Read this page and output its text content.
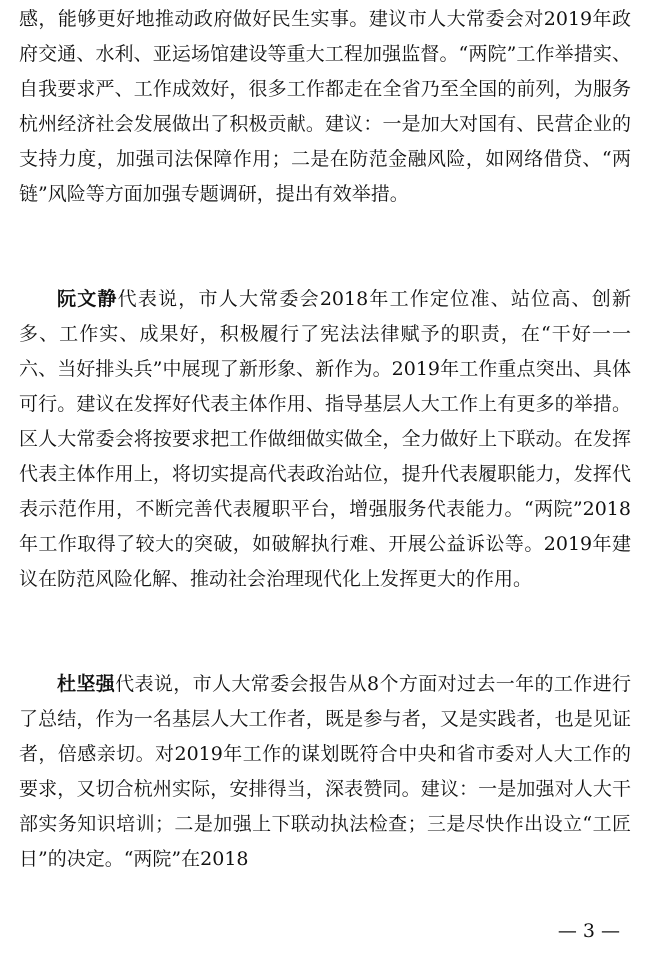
感，能够更好地推动政府做好民生实事。建议市人大常委会对2019年政府交通、水利、亚运场馆建设等重大工程加强监督。“两院”工作举措实、自我要求严、工作成效好，很多工作都走在全省乃至全国的前列，为服务杭州经济社会发展做出了积极贡献。建议：一是加大对国有、民营企业的支持力度，加强司法保障作用；二是在防范金融风险，如网络借贷、“两链”风险等方面加强专题调研，提出有效举措。

阮文静代表说，市人大常委会2018年工作定位准、站位高、创新多、工作实、成果好，积极履行了宪法法律赋予的职责，在“干好一一六、当好排头兵”中展现了新形象、新作为。2019年工作重点突出、具体可行。建议在发挥好代表主体作用、指导基层人大工作上有更多的举措。区人大常委会将按要求把工作做细做实做全，全力做好上下联动。在发挥代表主体作用上，将切实提高代表政治站位，提升代表履职能力，发挥代表示范作用，不断完善代表履职平台，增强服务代表能力。“两院”2018年工作取得了较大的突破，如破解执行难、开展公益诉讼等。2019年建议在防范风险化解、推动社会治理现代化上发挥更大的作用。

杜坚强代表说，市人大常委会报告从8个方面对过去一年的工作进行了总结，作为一名基层人大工作者，既是参与者，又是实践者，也是见证者，倍感亲切。对2019年工作的谋划既符合中央和省市委对人大工作的要求，又切合杭州实际，安排得当，深表赞同。建议：一是加强对人大干部实务知识培训；二是加强上下联动执法检查；三是尽快作出设立“工匠日”的决定。“两院”在2018

— 3 —
